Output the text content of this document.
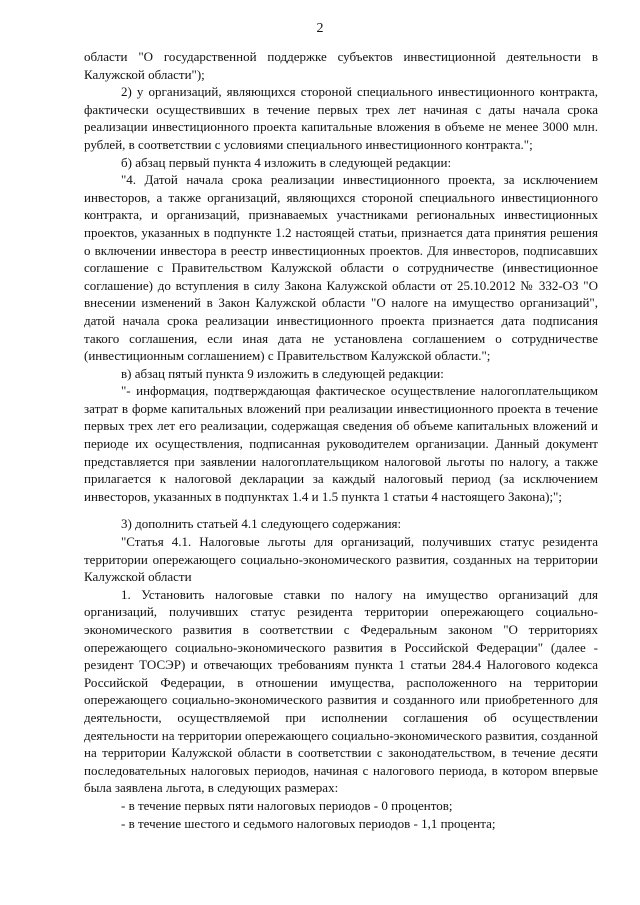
2

области "О государственной поддержке субъектов инвестиционной деятельности в Калужской области");

2) у организаций, являющихся стороной специального инвестиционного контракта, фактически осуществивших в течение первых трех лет начиная с даты начала срока реализации инвестиционного проекта капитальные вложения в объеме не менее 3000 млн. рублей, в соответствии с условиями специального инвестиционного контракта.";

б) абзац первый пункта 4 изложить в следующей редакции:

"4. Датой начала срока реализации инвестиционного проекта, за исключением инвесторов, а также организаций, являющихся стороной специального инвестиционного контракта, и организаций, признаваемых участниками региональных инвестиционных проектов, указанных в подпункте 1.2 настоящей статьи, признается дата принятия решения о включении инвестора в реестр инвестиционных проектов. Для инвесторов, подписавших соглашение с Правительством Калужской области о сотрудничестве (инвестиционное соглашение) до вступления в силу Закона Калужской области от 25.10.2012 № 332-ОЗ "О внесении изменений в Закон Калужской области "О налоге на имущество организаций", датой начала срока реализации инвестиционного проекта признается дата подписания такого соглашения, если иная дата не установлена соглашением о сотрудничестве (инвестиционным соглашением) с Правительством Калужской области.";

в) абзац пятый пункта 9 изложить в следующей редакции:

"- информация, подтверждающая фактическое осуществление налогоплательщиком затрат в форме капитальных вложений при реализации инвестиционного проекта в течение первых трех лет его реализации, содержащая сведения об объеме капитальных вложений и периоде их осуществления, подписанная руководителем организации. Данный документ представляется при заявлении налогоплательщиком налоговой льготы по налогу, а также прилагается к налоговой декларации за каждый налоговый период (за исключением инвесторов, указанных в подпунктах 1.4 и 1.5 пункта 1 статьи 4 настоящего Закона);";

3) дополнить статьей 4.1 следующего содержания:

"Статья 4.1. Налоговые льготы для организаций, получивших статус резидента территории опережающего социально-экономического развития, созданных на территории Калужской области

1. Установить налоговые ставки по налогу на имущество организаций для организаций, получивших статус резидента территории опережающего социально-экономического развития в соответствии с Федеральным законом "О территориях опережающего социально-экономического развития в Российской Федерации" (далее - резидент ТОСЭР) и отвечающих требованиям пункта 1 статьи 284.4 Налогового кодекса Российской Федерации, в отношении имущества, расположенного на территории опережающего социально-экономического развития и созданного или приобретенного для деятельности, осуществляемой при исполнении соглашения об осуществлении деятельности на территории опережающего социально-экономического развития, созданной на территории Калужской области в соответствии с законодательством, в течение десяти последовательных налоговых периодов, начиная с налогового периода, в котором впервые была заявлена льгота, в следующих размерах:

- в течение первых пяти налоговых периодов - 0 процентов;

- в течение шестого и седьмого налоговых периодов - 1,1 процента;
